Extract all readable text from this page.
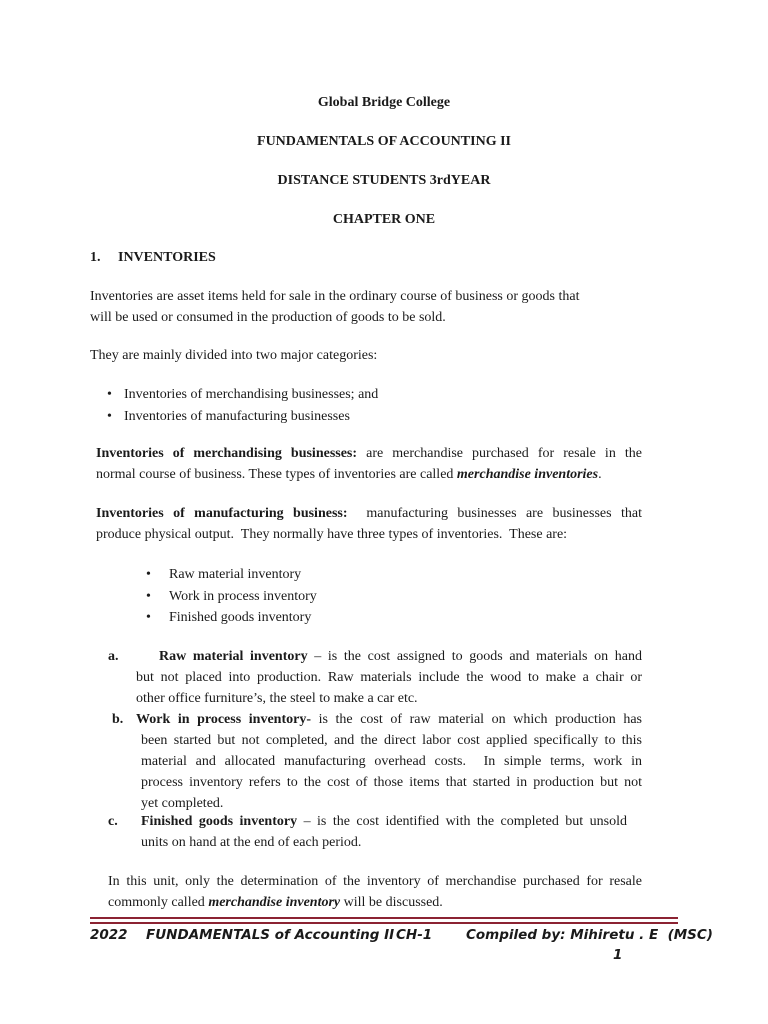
Global Bridge College
FUNDAMENTALS OF ACCOUNTING II
DISTANCE STUDENTS 3rdYEAR
CHAPTER ONE
1. INVENTORIES
Inventories are asset items held for sale in the ordinary course of business or goods that
will be used or consumed in the production of goods to be sold.
They are mainly divided into two major categories:
• Inventories of merchandising businesses; and
• Inventories of manufacturing businesses
Inventories of merchandising businesses: are merchandise purchased for resale in the
normal course of business. These types of inventories are called merchandise inventories.
Inventories of manufacturing business:  manufacturing businesses are businesses that
produce physical output.  They normally have three types of inventories.  These are:
• Raw material inventory
• Work in process inventory
• Finished goods inventory
a.	Raw material inventory – is the cost assigned to goods and materials on hand
but not placed into production. Raw materials include the wood to make a chair or
other office furniture’s, the steel to make a car etc.
b. Work in process inventory- is the cost of raw material on which production has
been started but not completed, and the direct labor cost applied specifically to this
material and allocated manufacturing overhead costs.  In simple terms, work in
process inventory refers to the cost of those items that started in production but not
yet completed.
c. Finished goods inventory – is the cost identified with the completed but unsold
units on hand at the end of each period.
In this unit, only the determination of the inventory of merchandise purchased for resale
commonly called merchandise inventory will be discussed.
2022 FUNDAMENTALS of Accounting II CH-1	Compiled by: Mihiretu . E  (MSC)
1
